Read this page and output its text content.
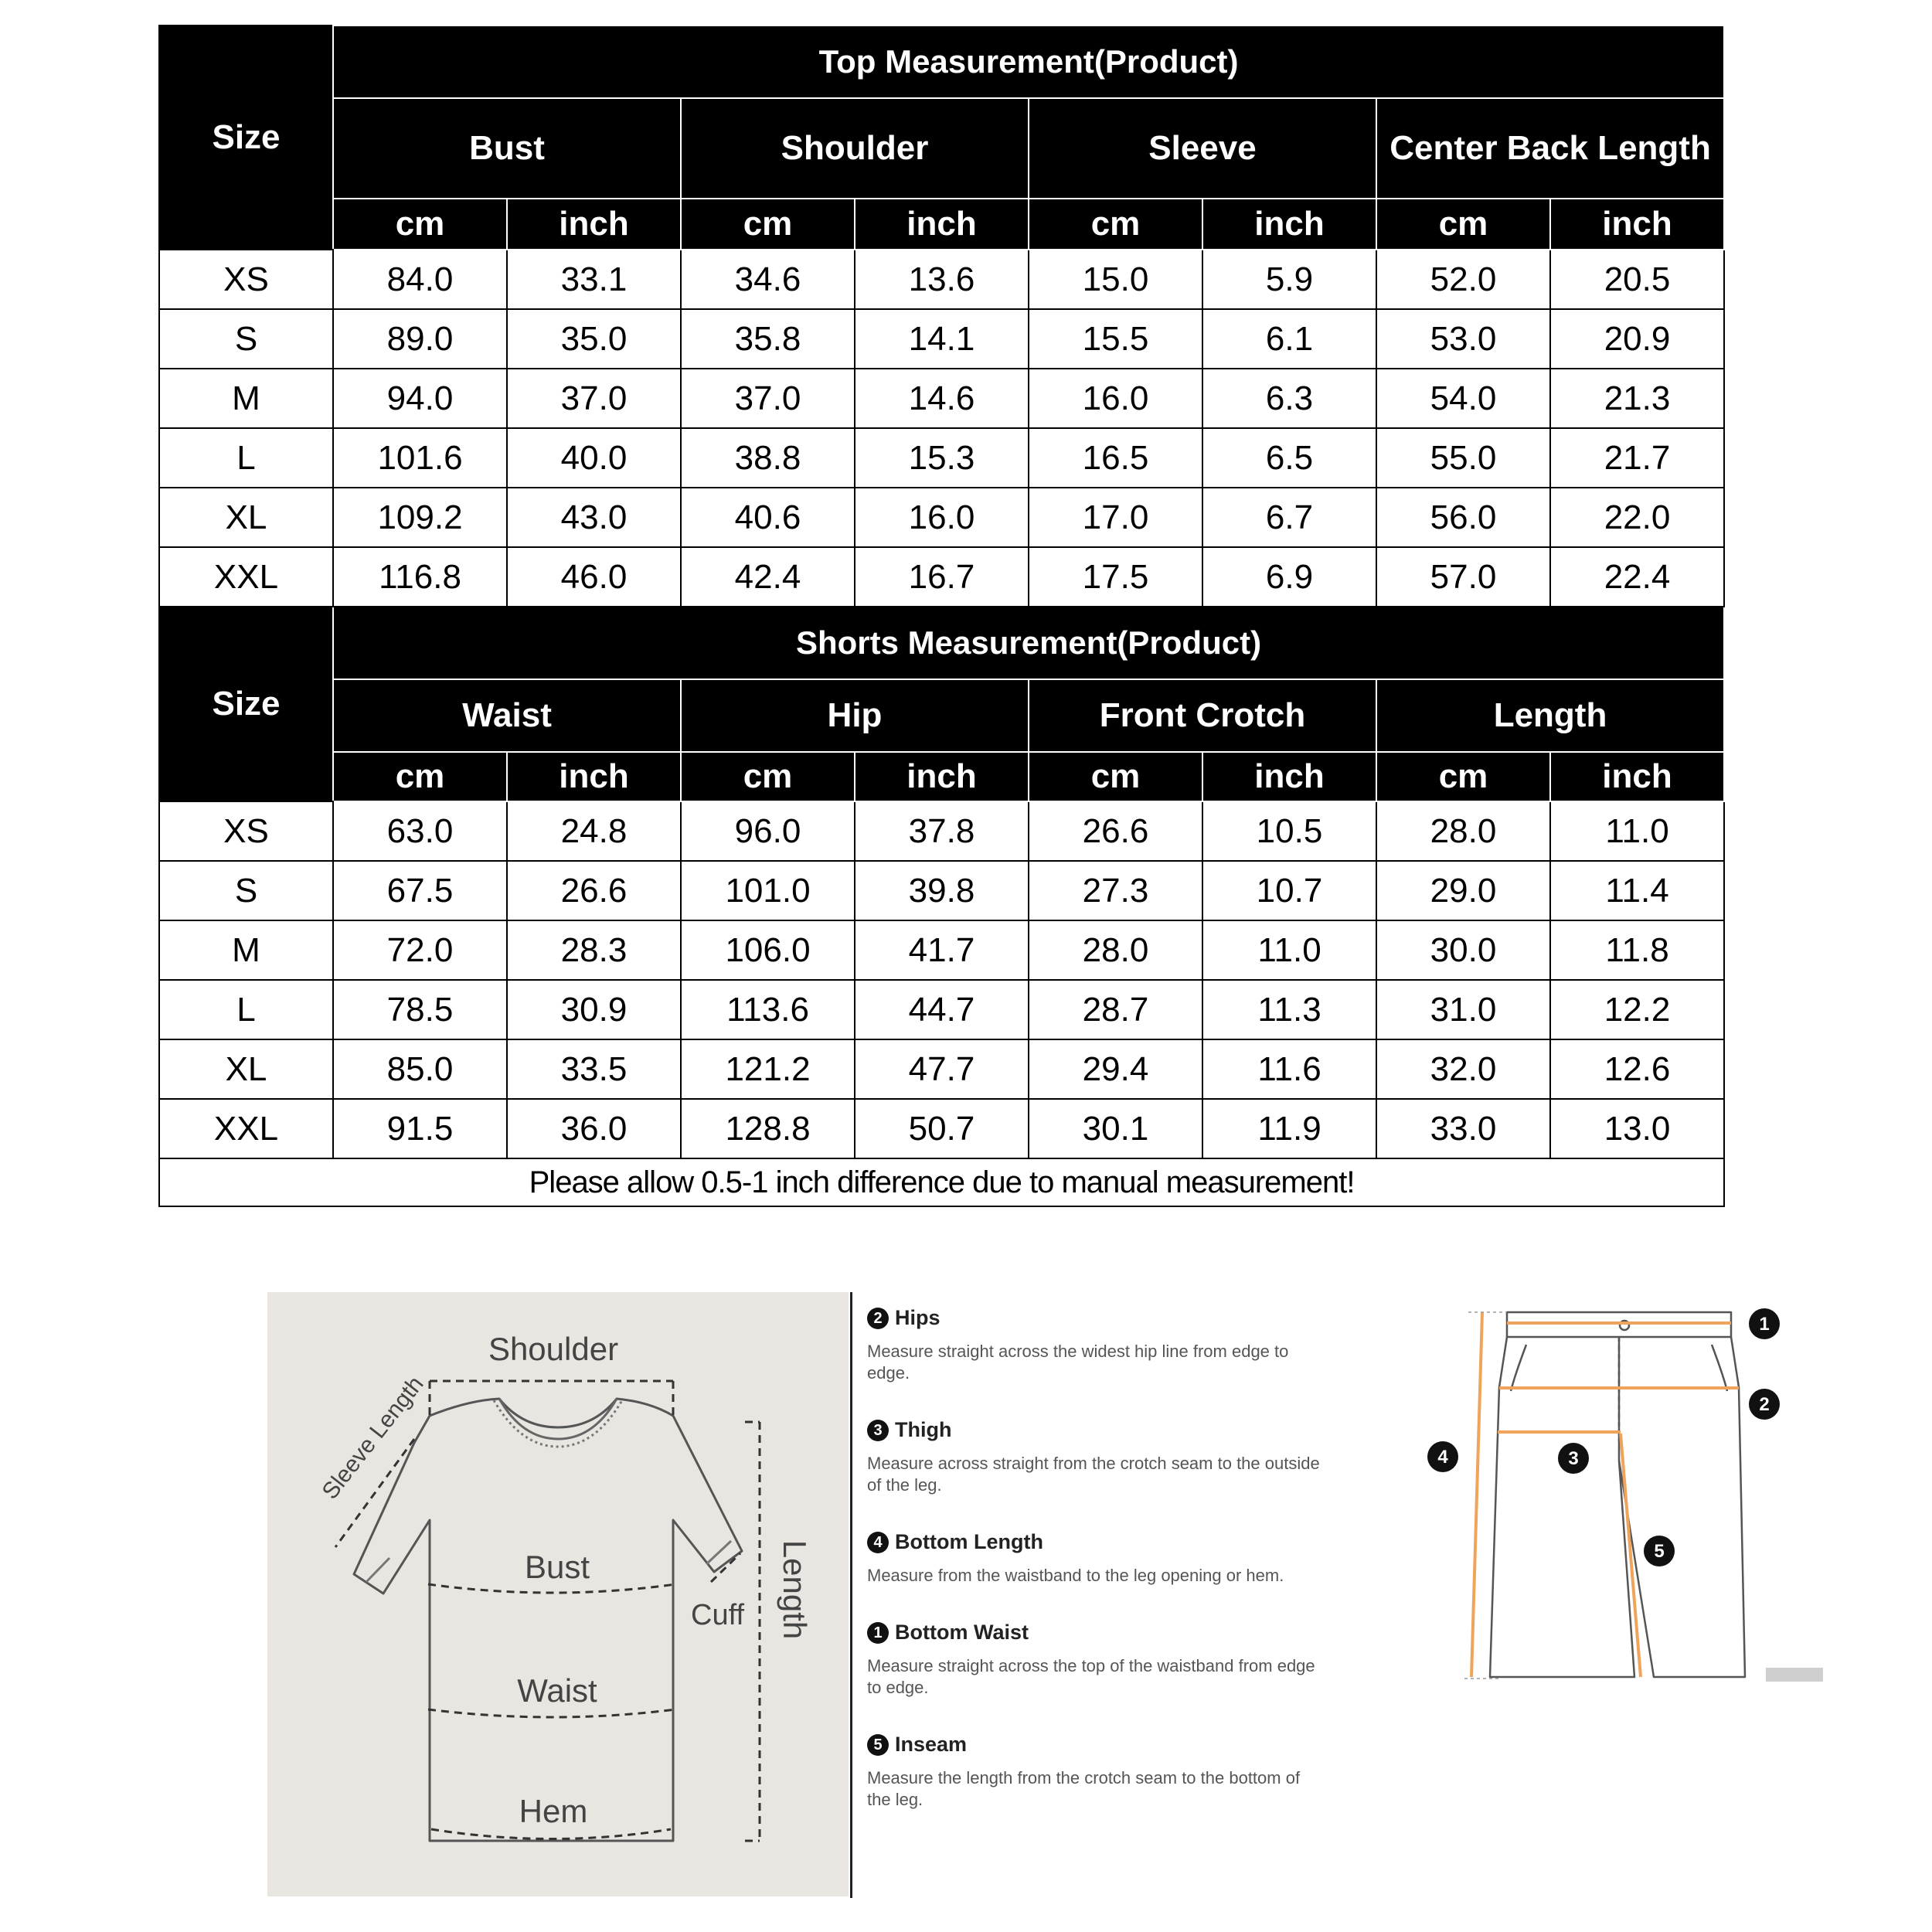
Size	Top Measurement(Product)							
	Bust		Shoulder		Sleeve		Center Back Length	
	cm	inch	cm	inch	cm	inch	cm	inch
XS	84.0	33.1	34.6	13.6	15.0	5.9	52.0	20.5
S	89.0	35.0	35.8	14.1	15.5	6.1	53.0	20.9
M	94.0	37.0	37.0	14.6	16.0	6.3	54.0	21.3
L	101.6	40.0	38.8	15.3	16.5	6.5	55.0	21.7
XL	109.2	43.0	40.6	16.0	17.0	6.7	56.0	22.0
XXL	116.8	46.0	42.4	16.7	17.5	6.9	57.0	22.4
Size	Shorts Measurement(Product)							
	Waist		Hip		Front Crotch		Length	
	cm	inch	cm	inch	cm	inch	cm	inch
XS	63.0	24.8	96.0	37.8	26.6	10.5	28.0	11.0
S	67.5	26.6	101.0	39.8	27.3	10.7	29.0	11.4
M	72.0	28.3	106.0	41.7	28.0	11.0	30.0	11.8
L	78.5	30.9	113.6	44.7	28.7	11.3	31.0	12.2
XL	85.0	33.5	121.2	47.7	29.4	11.6	32.0	12.6
XXL	91.5	36.0	128.8	50.7	30.1	11.9	33.0	13.0
Please allow 0.5-1 inch difference due to manual measurement!								
Shoulder
Bust
Waist
Hem
Cuff Length
Sleeve Length
2 Hips
Measure straight across the widest hip line from edge to edge.
3 Thigh
Measure across straight from the crotch seam to the outside of the leg.
4 Bottom Length
Measure from the waistband to the leg opening or hem.
1 Bottom Waist
Measure straight across the top of the waistband from edge to edge.
5 Inseam
Measure the length from the crotch seam to the bottom of the leg.
1
2
3
4
5
